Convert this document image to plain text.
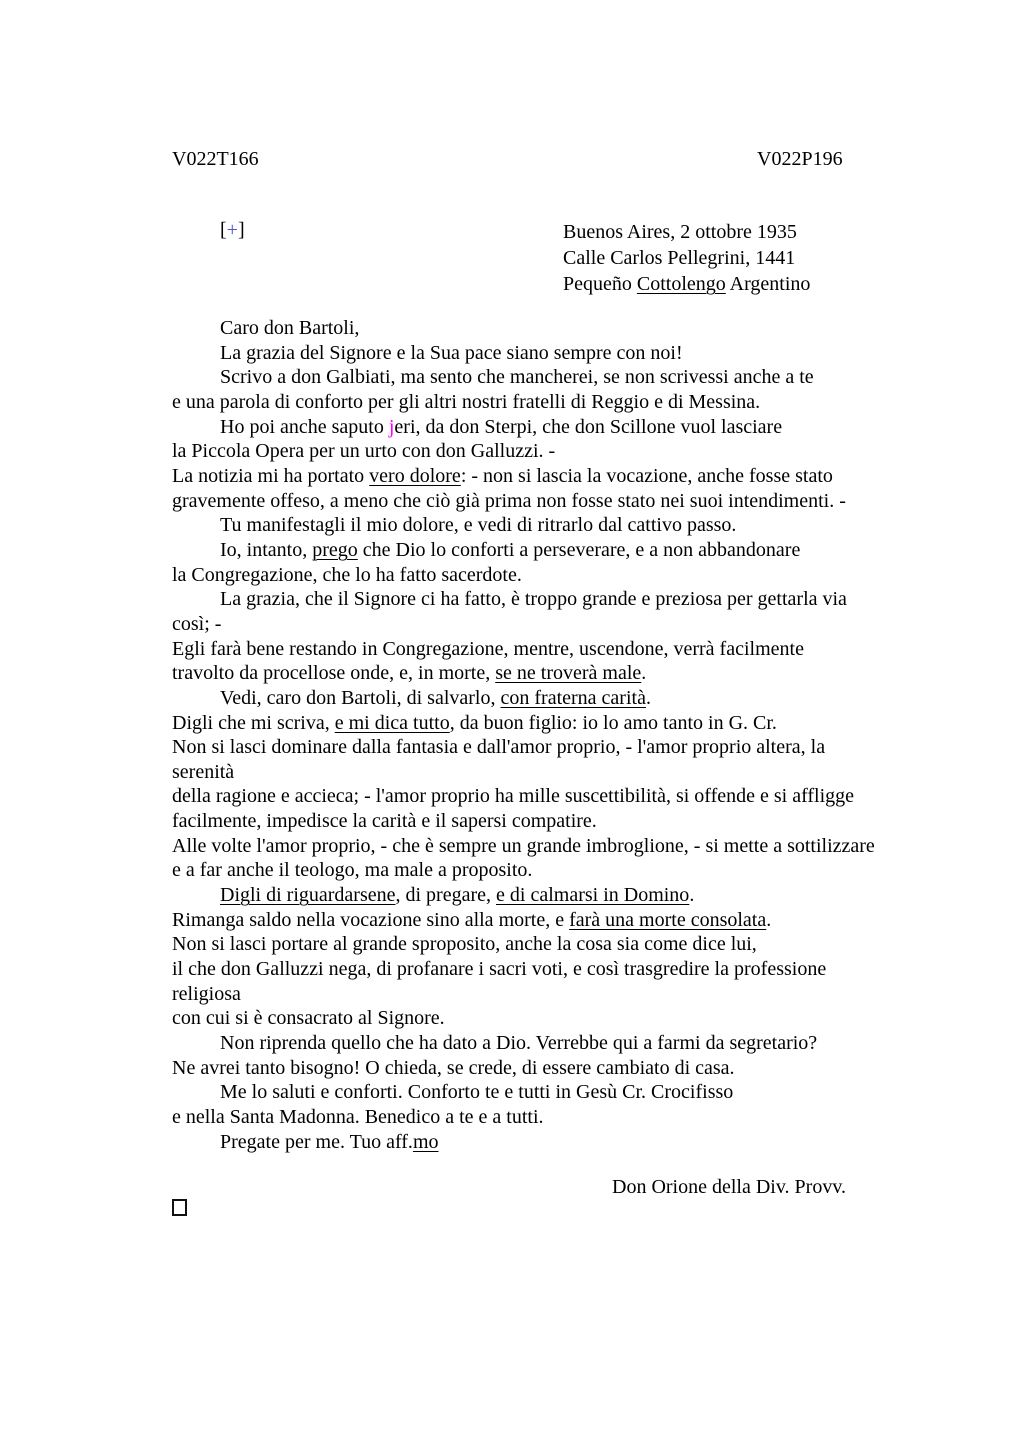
V022T166	V022P196
[+]	Buenos Aires, 2 ottobre 1935
Calle Carlos Pellegrini, 1441
Pequeño Cottolengo Argentino
Caro don Bartoli,
La grazia del Signore e la Sua pace siano sempre con noi!
Scrivo a don Galbiati, ma sento che mancherei, se non scrivessi anche a te
e una parola di conforto per gli altri nostri fratelli di Reggio e di Messina.
Ho poi anche saputo jeri, da don Sterpi, che don Scillone vuol lasciare
la Piccola Opera per un urto con don Galluzzi. -
La notizia mi ha portato vero dolore: - non si lascia la vocazione, anche fosse stato
gravemente offeso, a meno che ciò già prima non fosse stato nei suoi intendimenti. -
Tu manifestagli il mio dolore, e vedi di ritrarlo dal cattivo passo.
Io, intanto, prego che Dio lo conforti a perseverare, e a non abbandonare
la Congregazione, che lo ha fatto sacerdote.
La grazia, che il Signore ci ha fatto, è troppo grande e preziosa per gettarla via
così; -
Egli farà bene restando in Congregazione, mentre, uscendone, verrà facilmente
travolto da procellose onde, e, in morte, se ne troverà male.
Vedi, caro don Bartoli, di salvarlo, con fraterna carità.
Digli che mi scriva, e mi dica tutto, da buon figlio: io lo amo tanto in G. Cr.
Non si lasci dominare dalla fantasia e dall'amor proprio, - l'amor proprio altera, la
serenità
della ragione e accieca; - l'amor proprio ha mille suscettibilità, si offende e si affligge
facilmente, impedisce la carità e il sapersi compatire.
Alle volte l'amor proprio, - che è sempre un grande imbroglione, - si mette a sottilizzare
e a far anche il teologo, ma male a proposito.
Digli di riguardarsene, di pregare, e di calmarsi in Domino.
Rimanga saldo nella vocazione sino alla morte, e farà una morte consolata.
Non si lasci portare al grande sproposito, anche la cosa sia come dice lui,
il che don Galluzzi nega, di profanare i sacri voti, e così trasgredire la professione
religiosa
con cui si è consacrato al Signore.
Non riprenda quello che ha dato a Dio. Verrebbe qui a farmi da segretario?
Ne avrei tanto bisogno! O chieda, se crede, di essere cambiato di casa.
Me lo saluti e conforti. Conforto te e tutti in Gesù Cr. Crocifisso
e nella Santa Madonna. Benedico a te e a tutti.
Pregate per me. Tuo aff.mo
Don Orione della Div. Provv.
